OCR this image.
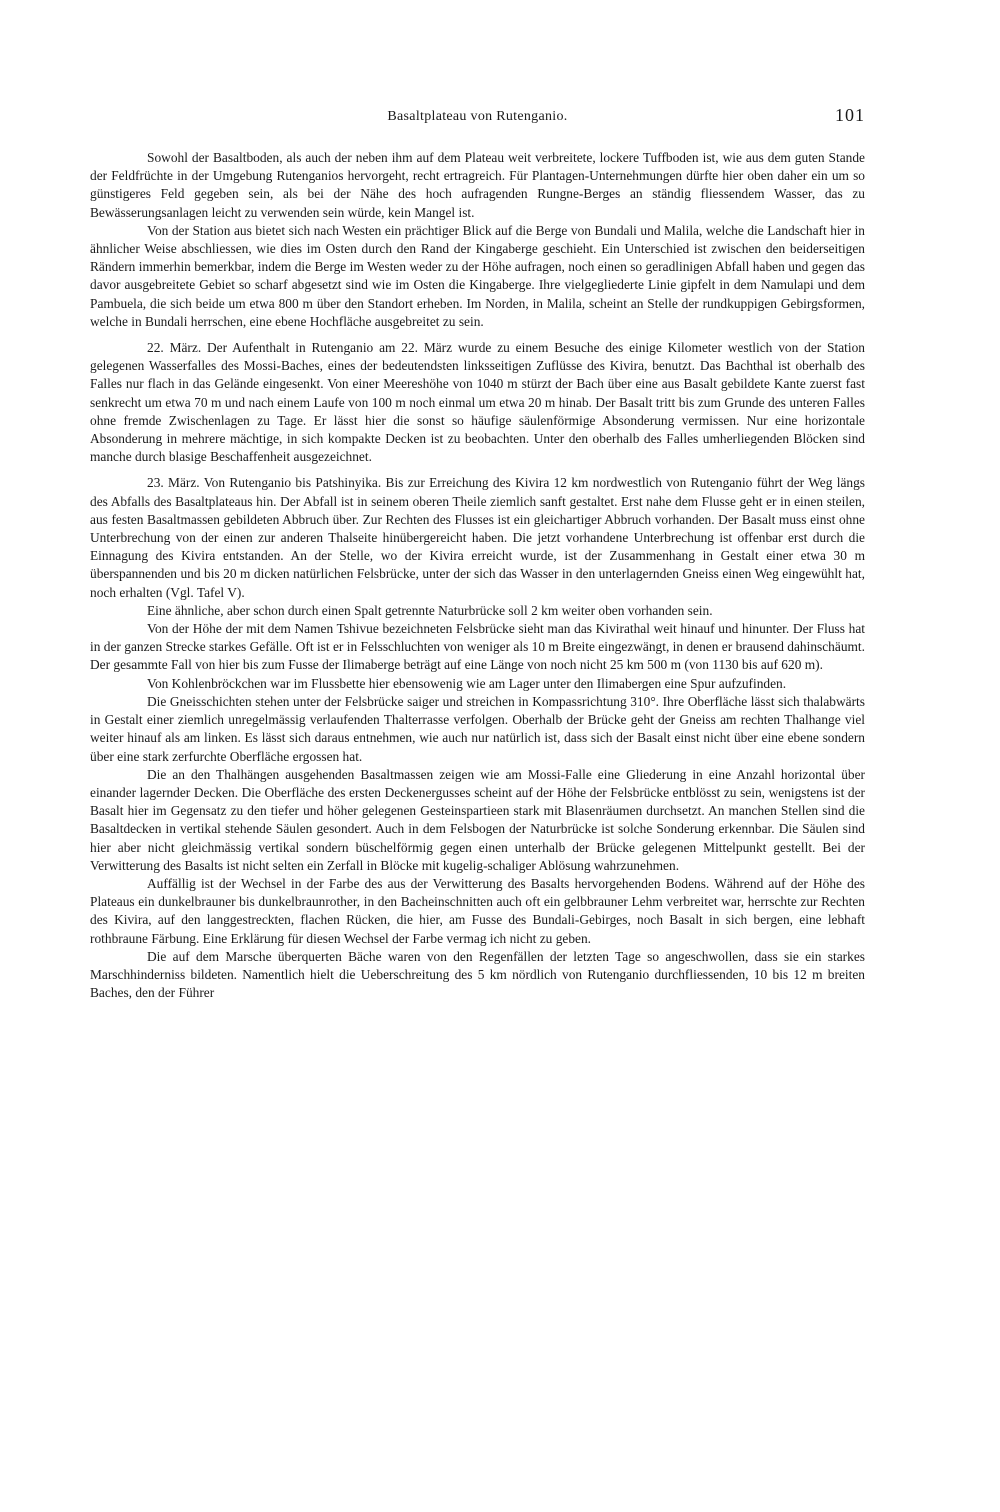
Basaltplateau von Rutenganio.	101

Sowohl der Basaltboden, als auch der neben ihm auf dem Plateau weit verbreitete, lockere Tuffboden ist, wie aus dem guten Stande der Feldfrüchte in der Umgebung Rutenganios hervorgeht, recht ertragreich. Für Plantagen-Unternehmungen dürfte hier oben daher ein um so günstigeres Feld gegeben sein, als bei der Nähe des hoch aufragenden Rungne-Berges an ständig fliessendem Wasser, das zu Bewässerungsanlagen leicht zu verwenden sein würde, kein Mangel ist.

Von der Station aus bietet sich nach Westen ein prächtiger Blick auf die Berge von Bundali und Malila, welche die Landschaft hier in ähnlicher Weise abschliessen, wie dies im Osten durch den Rand der Kingaberge geschieht. Ein Unterschied ist zwischen den beiderseitigen Rändern immerhin bemerkbar, indem die Berge im Westen weder zu der Höhe aufragen, noch einen so geradlinigen Abfall haben und gegen das davor ausgebreitete Gebiet so scharf abgesetzt sind wie im Osten die Kingaberge. Ihre vielgegliederte Linie gipfelt in dem Namulapi und dem Pambuela, die sich beide um etwa 800 m über den Standort erheben. Im Norden, in Malila, scheint an Stelle der rundkuppigen Gebirgsformen, welche in Bundali herrschen, eine ebene Hochfläche ausgebreitet zu sein.

22. März. Der Aufenthalt in Rutenganio am 22. März wurde zu einem Besuche des einige Kilometer westlich von der Station gelegenen Wasserfalles des Mossi-Baches, eines der bedeutendsten linksseitigen Zuflüsse des Kivira, benutzt. Das Bachthal ist oberhalb des Falles nur flach in das Gelände eingesenkt. Von einer Meereshöhe von 1040 m stürzt der Bach über eine aus Basalt gebildete Kante zuerst fast senkrecht um etwa 70 m und nach einem Laufe von 100 m noch einmal um etwa 20 m hinab. Der Basalt tritt bis zum Grunde des unteren Falles ohne fremde Zwischenlagen zu Tage. Er lässt hier die sonst so häufige säulenförmige Absonderung vermissen. Nur eine horizontale Absonderung in mehrere mächtige, in sich kompakte Decken ist zu beobachten. Unter den oberhalb des Falles umherliegenden Blöcken sind manche durch blasige Beschaffenheit ausgezeichnet.

23. März. Von Rutenganio bis Patshinyika. Bis zur Erreichung des Kivira 12 km nordwestlich von Rutenganio führt der Weg längs des Abfalls des Basaltplateaus hin. Der Abfall ist in seinem oberen Theile ziemlich sanft gestaltet. Erst nahe dem Flusse geht er in einen steilen, aus festen Basaltmassen gebildeten Abbruch über. Zur Rechten des Flusses ist ein gleichartiger Abbruch vorhanden. Der Basalt muss einst ohne Unterbrechung von der einen zur anderen Thalseite hinübergereicht haben. Die jetzt vorhandene Unterbrechung ist offenbar erst durch die Einnagung des Kivira entstanden. An der Stelle, wo der Kivira erreicht wurde, ist der Zusammenhang in Gestalt einer etwa 30 m überspannenden und bis 20 m dicken natürlichen Felsbrücke, unter der sich das Wasser in den unterlagernden Gneiss einen Weg eingewühlt hat, noch erhalten (Vgl. Tafel V).

Eine ähnliche, aber schon durch einen Spalt getrennte Naturbrücke soll 2 km weiter oben vorhanden sein.

Von der Höhe der mit dem Namen Tshivue bezeichneten Felsbrücke sieht man das Kivirathal weit hinauf und hinunter. Der Fluss hat in der ganzen Strecke starkes Gefälle. Oft ist er in Felsschluchten von weniger als 10 m Breite eingezwängt, in denen er brausend dahinschäumt. Der gesammte Fall von hier bis zum Fusse der Ilimaberge beträgt auf eine Länge von noch nicht 25 km 500 m (von 1130 bis auf 620 m).

Von Kohlenbröckchen war im Flussbette hier ebensowenig wie am Lager unter den Ilimabergen eine Spur aufzufinden.

Die Gneisschichten stehen unter der Felsbrücke saiger und streichen in Kompassrichtung 310°. Ihre Oberfläche lässt sich thalabwärts in Gestalt einer ziemlich unregelmässig verlaufenden Thalterrasse verfolgen. Oberhalb der Brücke geht der Gneiss am rechten Thalhange viel weiter hinauf als am linken. Es lässt sich daraus entnehmen, wie auch nur natürlich ist, dass sich der Basalt einst nicht über eine ebene sondern über eine stark zerfurchte Oberfläche ergossen hat.

Die an den Thalhängen ausgehenden Basaltmassen zeigen wie am Mossi-Falle eine Gliederung in eine Anzahl horizontal über einander lagernder Decken. Die Oberfläche des ersten Deckenergusses scheint auf der Höhe der Felsbrücke entblösst zu sein, wenigstens ist der Basalt hier im Gegensatz zu den tiefer und höher gelegenen Gesteinspartieen stark mit Blasenräumen durchsetzt. An manchen Stellen sind die Basaltdecken in vertikal stehende Säulen gesondert. Auch in dem Felsbogen der Naturbrücke ist solche Sonderung erkennbar. Die Säulen sind hier aber nicht gleichmässig vertikal sondern büschelförmig gegen einen unterhalb der Brücke gelegenen Mittelpunkt gestellt. Bei der Verwitterung des Basalts ist nicht selten ein Zerfall in Blöcke mit kugelig-schaliger Ablösung wahrzunehmen.

Auffällig ist der Wechsel in der Farbe des aus der Verwitterung des Basalts hervorgehenden Bodens. Während auf der Höhe des Plateaus ein dunkelbrauner bis dunkelbraunrother, in den Bacheinschnitten auch oft ein gelbbrauner Lehm verbreitet war, herrschte zur Rechten des Kivira, auf den langgestreckten, flachen Rücken, die hier, am Fusse des Bundali-Gebirges, noch Basalt in sich bergen, eine lebhaft rothbraune Färbung. Eine Erklärung für diesen Wechsel der Farbe vermag ich nicht zu geben.

Die auf dem Marsche überquerten Bäche waren von den Regenfällen der letzten Tage so angeschwollen, dass sie ein starkes Marschhinderniss bildeten. Namentlich hielt die Ueberschreitung des 5 km nördlich von Rutenganio durchfliessenden, 10 bis 12 m breiten Baches, den der Führer
